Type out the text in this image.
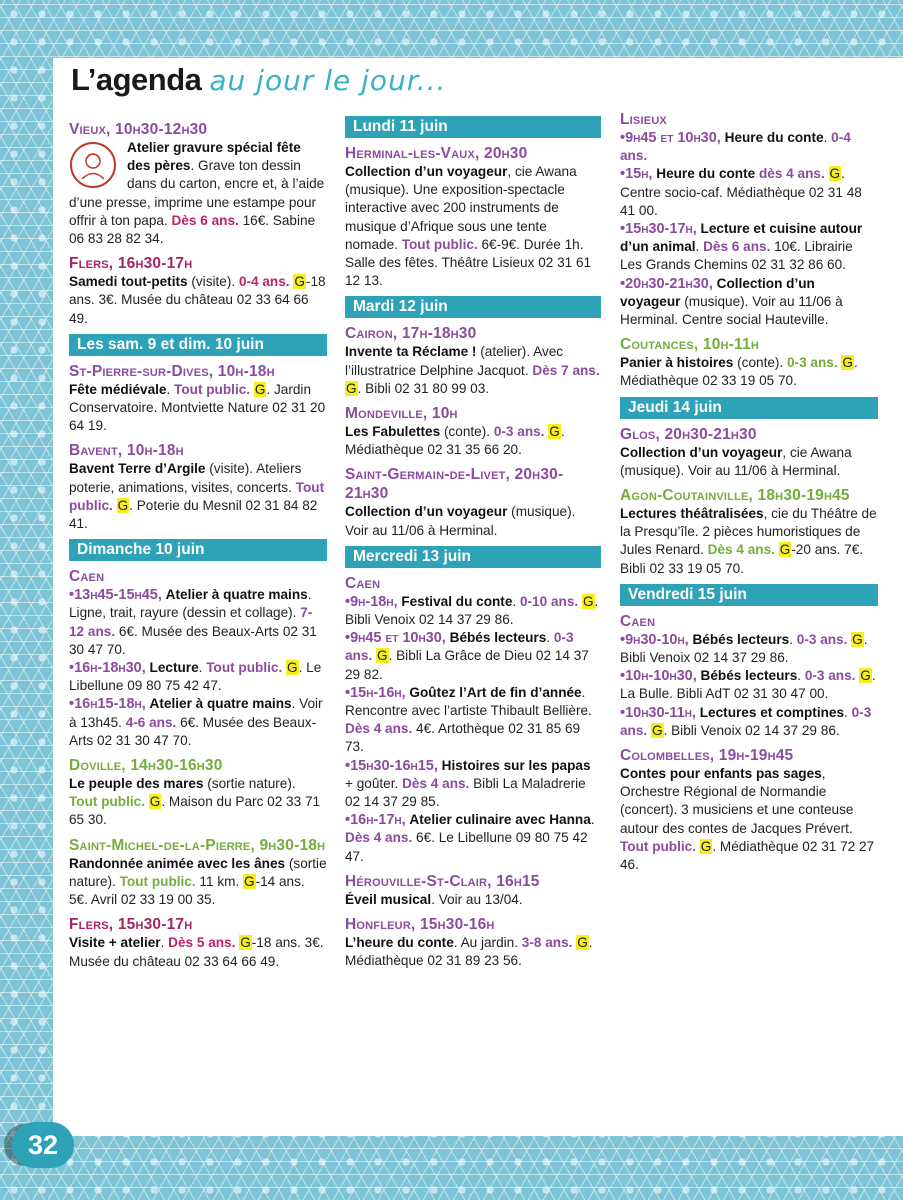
L’agenda au jour le jour...

Vieux, 10h30-12h30
Atelier gravure spécial fête des pères. Grave ton dessin dans du carton, encre et, à l’aide d’une presse, imprime une estampe pour offrir à ton papa. Dès 6 ans. 16€. Sabine 06 83 28 82 34.

Flers, 16h30-17h
Samedi tout-petits (visite). 0-4 ans. G-18 ans. 3€. Musée du château 02 33 64 66 49.

Les sam. 9 et dim. 10 juin

St-Pierre-sur-Dives, 10h-18h
Fête médiévale. Tout public. G. Jardin Conservatoire. Montviette Nature 02 31 20 64 19.

Bavent, 10h-18h
Bavent Terre d’Argile (visite). Ateliers poterie, animations, visites, concerts. Tout public. G. Poterie du Mesnil 02 31 84 82 41.

Dimanche 10 juin

Caen
•13h45-15h45, Atelier à quatre mains. Ligne, trait, rayure (dessin et collage). 7-12 ans. 6€. Musée des Beaux-Arts 02 31 30 47 70.
•16h-18h30, Lecture. Tout public. G. Le Libellune 09 80 75 42 47.
•16h15-18h, Atelier à quatre mains. Voir à 13h45. 4-6 ans. 6€. Musée des Beaux-Arts 02 31 30 47 70.

Doville, 14h30-16h30
Le peuple des mares (sortie nature). Tout public. G. Maison du Parc 02 33 71 65 30.

Saint-Michel-de-la-Pierre, 9h30-18h
Randonnée animée avec les ânes (sortie nature). Tout public. 11 km. G-14 ans. 5€. Avril 02 33 19 00 35.

Flers, 15h30-17h
Visite + atelier. Dès 5 ans. G-18 ans. 3€. Musée du château 02 33 64 66 49.

Lundi 11 juin

Herminal-les-Vaux, 20h30
Collection d’un voyageur, cie Awana (musique). Une exposition-spectacle interactive avec 200 instruments de musique d’Afrique sous une tente nomade. Tout public. 6€-9€. Durée 1h. Salle des fêtes. Théâtre Lisieux 02 31 61 12 13.

Mardi 12 juin

Cairon, 17h-18h30
Invente ta Réclame ! (atelier). Avec l’illustratrice Delphine Jacquot. Dès 7 ans. G. Bibli 02 31 80 99 03.

Mondeville, 10h
Les Fabulettes (conte). 0-3 ans. G. Médiathèque 02 31 35 66 20.

Saint-Germain-de-Livet, 20h30-21h30
Collection d’un voyageur (musique). Voir au 11/06 à Herminal.

Mercredi 13 juin

Caen
•9h-18h, Festival du conte. 0-10 ans. G. Bibli Venoix 02 14 37 29 86.
•9h45 et 10h30, Bébés lecteurs. 0-3 ans. G. Bibli La Grâce de Dieu 02 14 37 29 82.
•15h-16h, Goûtez l’Art de fin d’année. Rencontre avec l’artiste Thibault Bellière. Dès 4 ans. 4€. Artothèque 02 31 85 69 73.
•15h30-16h15, Histoires sur les papas + goûter. Dès 4 ans. Bibli La Maladrerie 02 14 37 29 85.
•16h-17h, Atelier culinaire avec Hanna. Dès 4 ans. 6€. Le Libellune 09 80 75 42 47.

Hérouville-St-Clair, 16h15
Éveil musical. Voir au 13/04.

Honfleur, 15h30-16h
L’heure du conte. Au jardin. 3-8 ans. G. Médiathèque 02 31 89 23 56.

Lisieux
•9h45 et 10h30, Heure du conte. 0-4 ans.
•15h, Heure du conte dès 4 ans. G. Centre socio-caf. Médiathèque 02 31 48 41 00.
•15h30-17h, Lecture et cuisine autour d’un animal. Dès 6 ans. 10€. Librairie Les Grands Chemins 02 31 32 86 60.
•20h30-21h30, Collection d’un voyageur (musique). Voir au 11/06 à Herminal. Centre social Hauteville.

Coutances, 10h-11h
Panier à histoires (conte). 0-3 ans. G. Médiathèque 02 33 19 05 70.

Jeudi 14 juin

Glos, 20h30-21h30
Collection d’un voyageur, cie Awana (musique). Voir au 11/06 à Herminal.

Agon-Coutainville, 18h30-19h45
Lectures théâtralisées, cie du Théâtre de la Presqu’île. 2 pièces humoristiques de Jules Renard. Dès 4 ans. G-20 ans. 7€. Bibli 02 33 19 05 70.

Vendredi 15 juin

Caen
•9h30-10h, Bébés lecteurs. 0-3 ans. G. Bibli Venoix 02 14 37 29 86.
•10h-10h30, Bébés lecteurs. 0-3 ans. G. La Bulle. Bibli AdT 02 31 30 47 00.
•10h30-11h, Lectures et comptines. 0-3 ans. G. Bibli Venoix 02 14 37 29 86.

Colombelles, 19h-19h45
Contes pour enfants pas sages, Orchestre Régional de Normandie (concert). 3 musiciens et une conteuse autour des contes de Jacques Prévert. Tout public. G. Médiathèque 02 31 72 27 46.

32
